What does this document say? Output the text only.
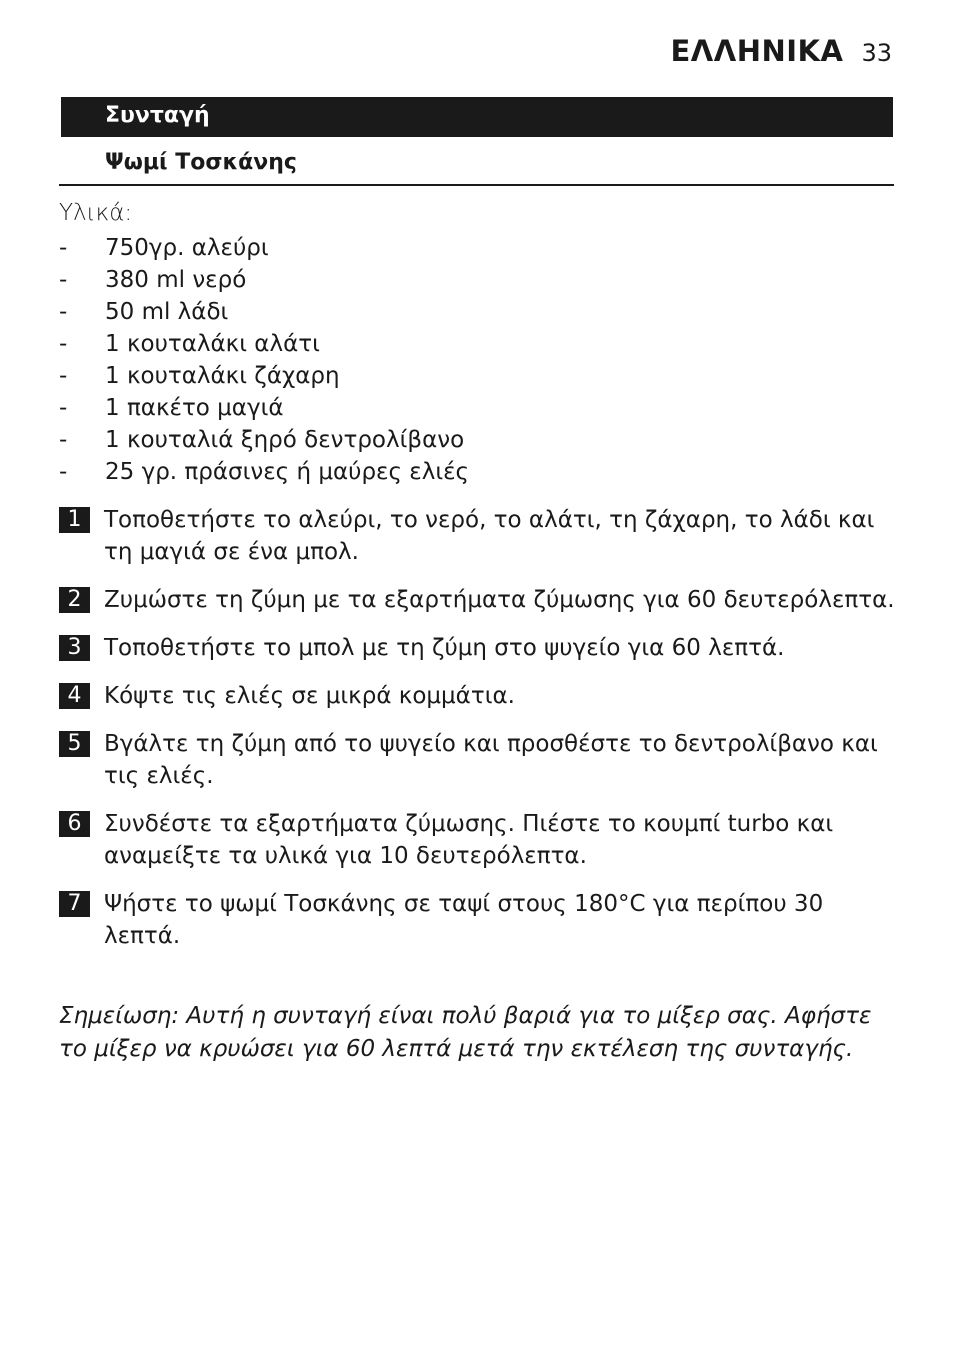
ΕΛΛΗΝΙΚΑ 33
Συνταγή
Ψωμί Τοσκάνης
Υλικά:
-	750γρ. αλεύρι
-	380 ml νερό
-	50 ml λάδι
-	1 κουταλάκι αλάτι
-	1 κουταλάκι ζάχαρη
-	1 πακέτο μαγιά
-	1 κουταλιά ξηρό δεντρολίβανο
-	25 γρ. πράσινες ή μαύρες ελιές
1 Τοποθετήστε το αλεύρι, το νερό, το αλάτι, τη ζάχαρη, το λάδι και τη μαγιά σε ένα μπολ.
2 Ζυμώστε τη ζύμη με τα εξαρτήματα ζύμωσης για 60 δευτερόλεπτα.
3 Τοποθετήστε το μπολ με τη ζύμη στο ψυγείο για 60 λεπτά.
4 Κόψτε τις ελιές σε μικρά κομμάτια.
5 Βγάλτε τη ζύμη από το ψυγείο και προσθέστε το δεντρολίβανο και τις ελιές.
6 Συνδέστε τα εξαρτήματα ζύμωσης. Πιέστε το κουμπί turbo και αναμείξτε τα υλικά για 10 δευτερόλεπτα.
7 Ψήστε το ψωμί Τοσκάνης σε ταψί στους 180°C για περίπου 30 λεπτά.
Σημείωση: Αυτή η συνταγή είναι πολύ βαριά για το μίξερ σας. Αφήστε το μίξερ να κρυώσει για 60 λεπτά μετά την εκτέλεση της συνταγής.
